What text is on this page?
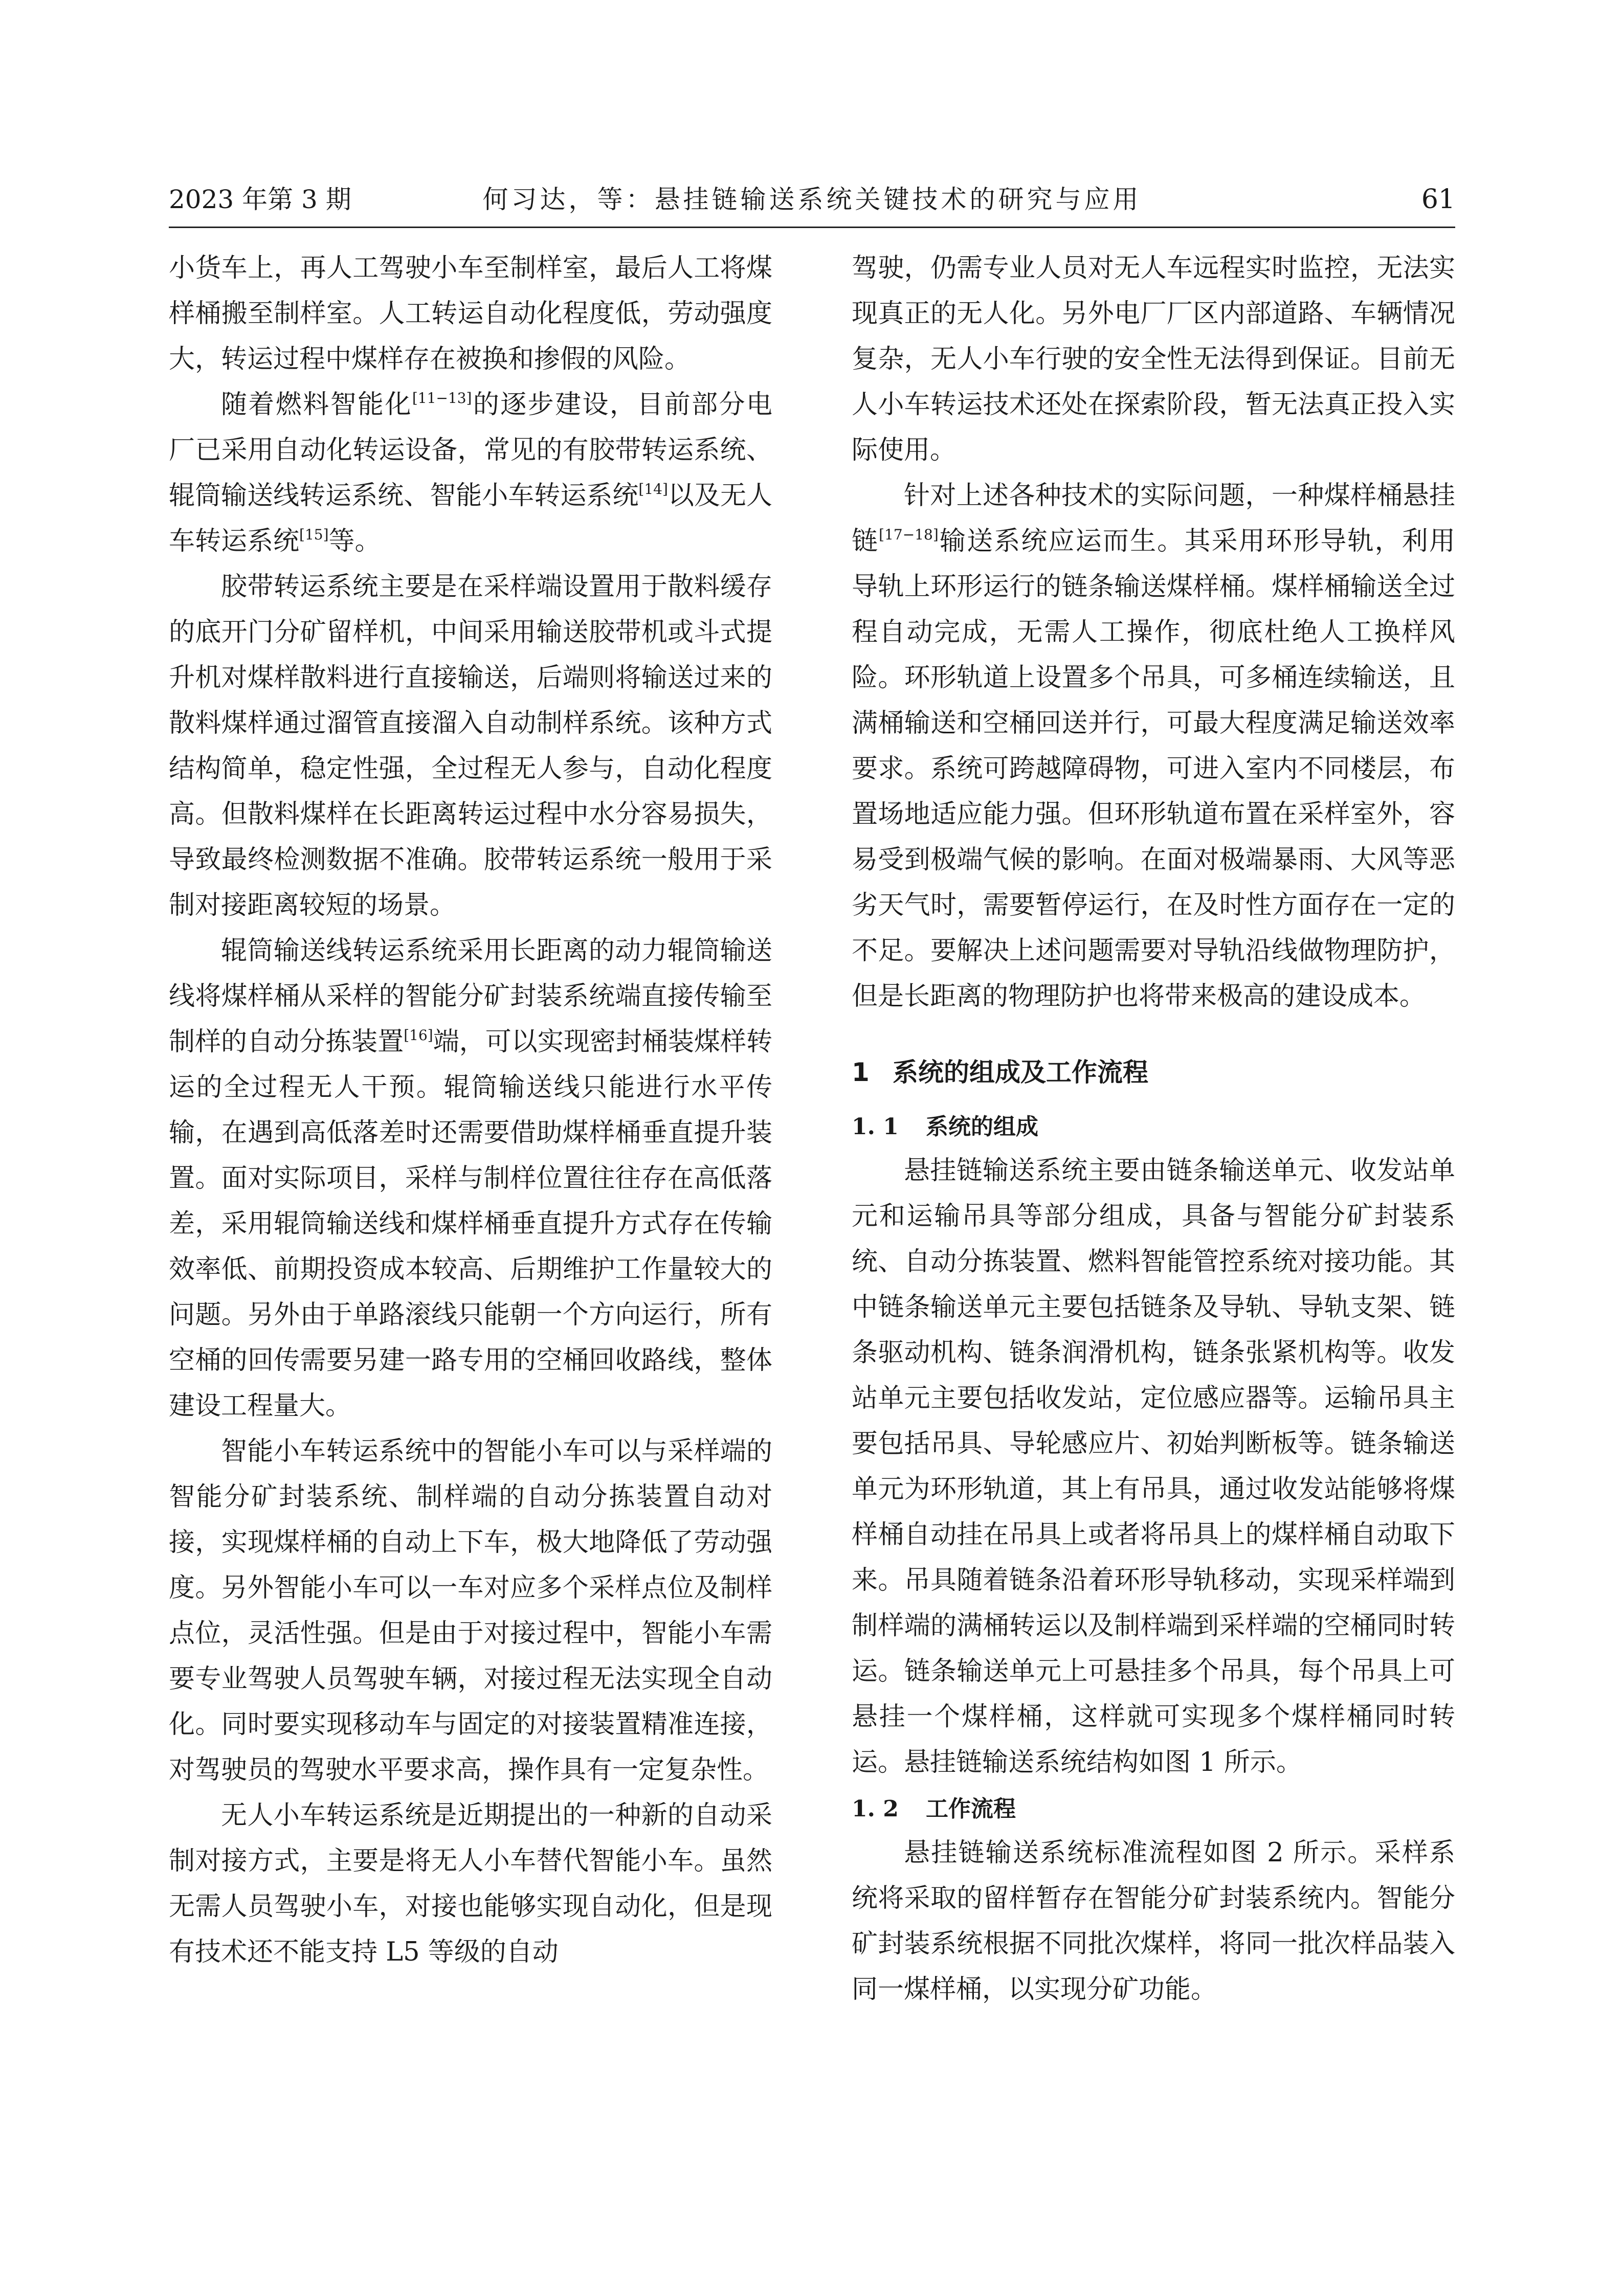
何习达，等：悬挂链输送系统关键技术的研究与应用
2023 年第 3 期	61

小货车上，再人工驾驶小车至制样室，最后人工将煤样桶搬至制样室。人工转运自动化程度低，劳动强度大，转运过程中煤样存在被换和掺假的风险。

随着燃料智能化[11−13]的逐步建设，目前部分电厂已采用自动化转运设备，常见的有胶带转运系统、辊筒输送线转运系统、智能小车转运系统[14]以及无人车转运系统[15]等。

胶带转运系统主要是在采样端设置用于散料缓存的底开门分矿留样机，中间采用输送胶带机或斗式提升机对煤样散料进行直接输送，后端则将输送过来的散料煤样通过溜管直接溜入自动制样系统。该种方式结构简单，稳定性强，全过程无人参与，自动化程度高。但散料煤样在长距离转运过程中水分容易损失，导致最终检测数据不准确。胶带转运系统一般用于采制对接距离较短的场景。

辊筒输送线转运系统采用长距离的动力辊筒输送线将煤样桶从采样的智能分矿封装系统端直接传输至制样的自动分拣装置[16]端，可以实现密封桶装煤样转运的全过程无人干预。辊筒输送线只能进行水平传输，在遇到高低落差时还需要借助煤样桶垂直提升装置。面对实际项目，采样与制样位置往往存在高低落差，采用辊筒输送线和煤样桶垂直提升方式存在传输效率低、前期投资成本较高、后期维护工作量较大的问题。另外由于单路滚线只能朝一个方向运行，所有空桶的回传需要另建一路专用的空桶回收路线，整体建设工程量大。

智能小车转运系统中的智能小车可以与采样端的智能分矿封装系统、制样端的自动分拣装置自动对接，实现煤样桶的自动上下车，极大地降低了劳动强度。另外智能小车可以一车对应多个采样点位及制样点位，灵活性强。但是由于对接过程中，智能小车需要专业驾驶人员驾驶车辆，对接过程无法实现全自动化。同时要实现移动车与固定的对接装置精准连接，对驾驶员的驾驶水平要求高，操作具有一定复杂性。

无人小车转运系统是近期提出的一种新的自动采制对接方式，主要是将无人小车替代智能小车。虽然无需人员驾驶小车，对接也能够实现自动化，但是现有技术还不能支持 L5 等级的自动

驾驶，仍需专业人员对无人车远程实时监控，无法实现真正的无人化。另外电厂厂区内部道路、车辆情况复杂，无人小车行驶的安全性无法得到保证。目前无人小车转运技术还处在探索阶段，暂无法真正投入实际使用。

针对上述各种技术的实际问题，一种煤样桶悬挂链[17−18]输送系统应运而生。其采用环形导轨，利用导轨上环形运行的链条输送煤样桶。煤样桶输送全过程自动完成，无需人工操作，彻底杜绝人工换样风险。环形轨道上设置多个吊具，可多桶连续输送，且满桶输送和空桶回送并行，可最大程度满足输送效率要求。系统可跨越障碍物，可进入室内不同楼层，布置场地适应能力强。但环形轨道布置在采样室外，容易受到极端气候的影响。在面对极端暴雨、大风等恶劣天气时，需要暂停运行，在及时性方面存在一定的不足。要解决上述问题需要对导轨沿线做物理防护，但是长距离的物理防护也将带来极高的建设成本。

1 系统的组成及工作流程
1. 1 系统的组成

悬挂链输送系统主要由链条输送单元、收发站单元和运输吊具等部分组成，具备与智能分矿封装系统、自动分拣装置、燃料智能管控系统对接功能。其中链条输送单元主要包括链条及导轨、导轨支架、链条驱动机构、链条润滑机构，链条张紧机构等。收发站单元主要包括收发站，定位感应器等。运输吊具主要包括吊具、导轮感应片、初始判断板等。链条输送单元为环形轨道，其上有吊具，通过收发站能够将煤样桶自动挂在吊具上或者将吊具上的煤样桶自动取下来。吊具随着链条沿着环形导轨移动，实现采样端到制样端的满桶转运以及制样端到采样端的空桶同时转运。链条输送单元上可悬挂多个吊具，每个吊具上可悬挂一个煤样桶，这样就可实现多个煤样桶同时转运。悬挂链输送系统结构如图 1 所示。

1. 2 工作流程

悬挂链输送系统标准流程如图 2 所示。采样系统将采取的留样暂存在智能分矿封装系统内。智能分矿封装系统根据不同批次煤样，将同一批次样品装入同一煤样桶，以实现分矿功能。
